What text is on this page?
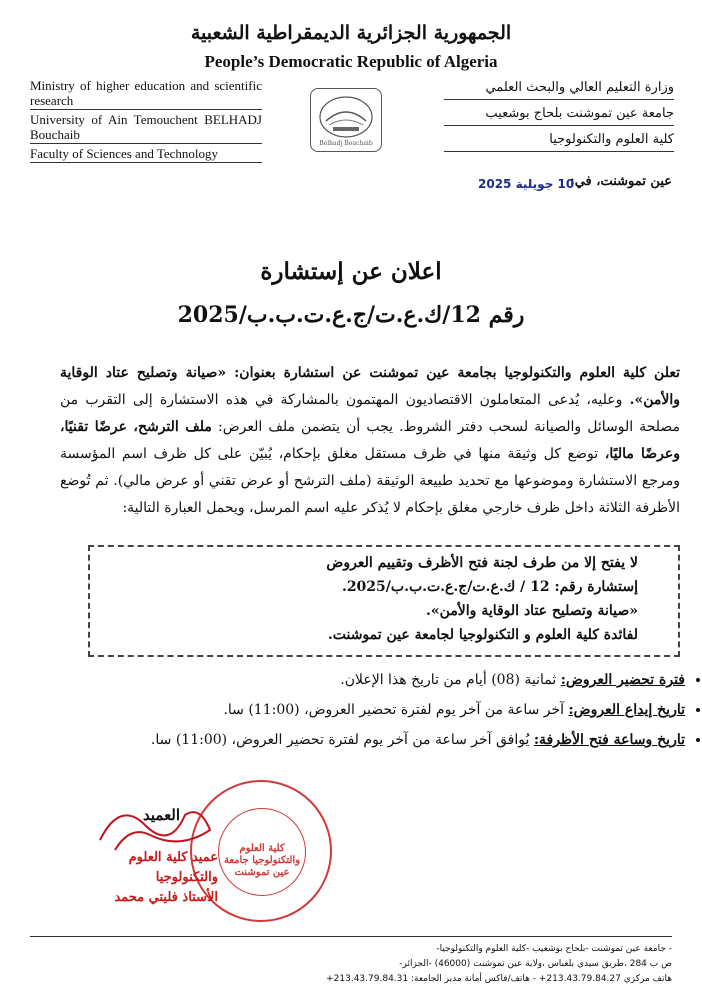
الجمهورية الجزائرية الديمقراطية الشعبية
People’s Democratic Republic of Algeria
Ministry of higher education and scientific research
University of Ain Temouchent BELHADJ Bouchaib
Faculty of Sciences and Technology
Belhadj Bouchaib
وزارة التعليم العالي والبحث العلمي
جامعة عين تموشنت بلحاج بوشعيب
كلية العلوم والتكنولوجيا
عين تموشنت، في:
10 جويلية 2025
اعلان عن إستشارة
رقم 12/ك.ع.ت/ج.ع.ت.ب.ب/2025
تعلن كلية العلوم والتكنولوجيا بجامعة عين تموشنت عن استشارة بعنوان: «صيانة وتصليح عتاد الوقاية والأمن». وعليه، يُدعى المتعاملون الاقتصاديون المهتمون بالمشاركة في هذه الاستشارة إلى التقرب من مصلحة الوسائل والصيانة لسحب دفتر الشروط. يجب أن يتضمن ملف العرض: ملف الترشح، عرضًا تقنيًا، وعرضًا ماليًا، توضع كل وثيقة منها في ظرف مستقل مغلق بإحكام، يُبيّن على كل ظرف اسم المؤسسة ومرجع الاستشارة وموضوعها مع تحديد طبيعة الوثيقة (ملف الترشح أو عرض تقني أو عرض مالي). ثم تُوضع الأظرفة الثلاثة داخل ظرف خارجي مغلق بإحكام لا يُذكر عليه اسم المرسل، ويحمل العبارة التالية:
لا يفتح إلا من طرف لجنة فتح الأظرف وتقييم العروض
إستشارة رقم: 12 / ك.ع.ت/ج.ع.ت.ب.ب/2025.
«صيانة وتصليح عتاد الوقاية والأمن».
لفائدة كلية العلوم و التكنولوجيا لجامعة عين تموشنت.
• فترة تحضير العروض: ثمانية (08) أيام من تاريخ هذا الإعلان.
• تاريخ إيداع العروض: آخر ساعة من آخر يوم لفترة تحضير العروض، (11:00) سا.
• تاريخ وساعة فتح الأظرفة: يُوافق آخر ساعة من آخر يوم لفترة تحضير العروض، (11:00) سا.
كلية العلوم والتكنولوجيا جامعة عين تموشنت
العميد
عميد كلية العلوم
والتكنولوجيا
الأستاذ فليتي محمد
- جامعة عين تموشنت -بلحاج بوشعيب -كلية العلوم والتكنولوجيا-
ص ب 284 ،طريق سيدي بلعباس ،ولاية عين تموشنت (46000) -الجزائر-
هاتف مركزي 213.43.79.84.27+ - هاتف/فاكس أمانة مدير الجامعة: 213.43.79.84.31+
